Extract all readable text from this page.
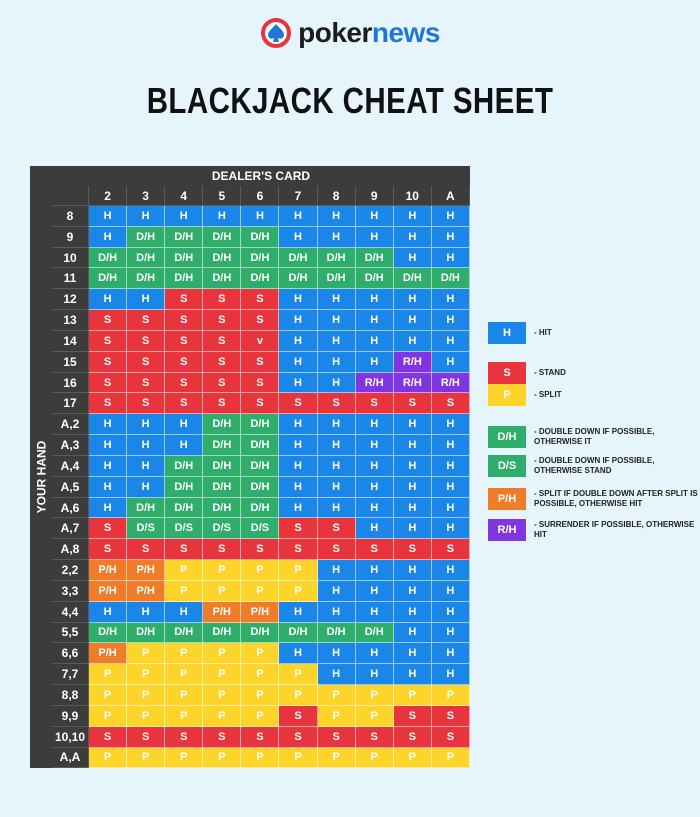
pokernews
BLACKJACK CHEAT SHEET
DEALER'S CARD
YOUR HAND
2	3	4	5	6	7	8	9	10	A
8	H	H	H	H	H	H	H	H	H	H
9	H	D/H	D/H	D/H	D/H	H	H	H	H	H
10	D/H	D/H	D/H	D/H	D/H	D/H	D/H	D/H	H	H
11	D/H	D/H	D/H	D/H	D/H	D/H	D/H	D/H	D/H	D/H
12	H	H	S	S	S	H	H	H	H	H
13	S	S	S	S	S	H	H	H	H	H
14	S	S	S	S	v	H	H	H	H	H
15	S	S	S	S	S	H	H	H	R/H	H
16	S	S	S	S	S	H	H	R/H	R/H	R/H
17	S	S	S	S	S	S	S	S	S	S
A,2	H	H	H	D/H	D/H	H	H	H	H	H
A,3	H	H	H	D/H	D/H	H	H	H	H	H
A,4	H	H	D/H	D/H	D/H	H	H	H	H	H
A,5	H	H	D/H	D/H	D/H	H	H	H	H	H
A,6	H	D/H	D/H	D/H	D/H	H	H	H	H	H
A,7	S	D/S	D/S	D/S	D/S	S	S	H	H	H
A,8	S	S	S	S	S	S	S	S	S	S
2,2	P/H	P/H	P	P	P	P	H	H	H	H
3,3	P/H	P/H	P	P	P	P	H	H	H	H
4,4	H	H	H	P/H	P/H	H	H	H	H	H
5,5	D/H	D/H	D/H	D/H	D/H	D/H	D/H	D/H	H	H
6,6	P/H	P	P	P	P	H	H	H	H	H
7,7	P	P	P	P	P	P	H	H	H	H
8,8	P	P	P	P	P	P	P	P	P	P
9,9	P	P	P	P	P	S	P	P	S	S
10,10	S	S	S	S	S	S	S	S	S	S
A,A	P	P	P	P	P	P	P	P	P	P
H	- HIT
S	- STAND
P	- SPLIT
D/H	- DOUBLE DOWN IF POSSIBLE, OTHERWISE IT
D/S	- DOUBLE DOWN IF POSSIBLE, OTHERWISE STAND
P/H	- SPLIT IF DOUBLE DOWN AFTER SPLIT IS POSSIBLE, OTHERWISE HIT
R/H	- SURRENDER IF POSSIBLE, OTHERWISE HIT
